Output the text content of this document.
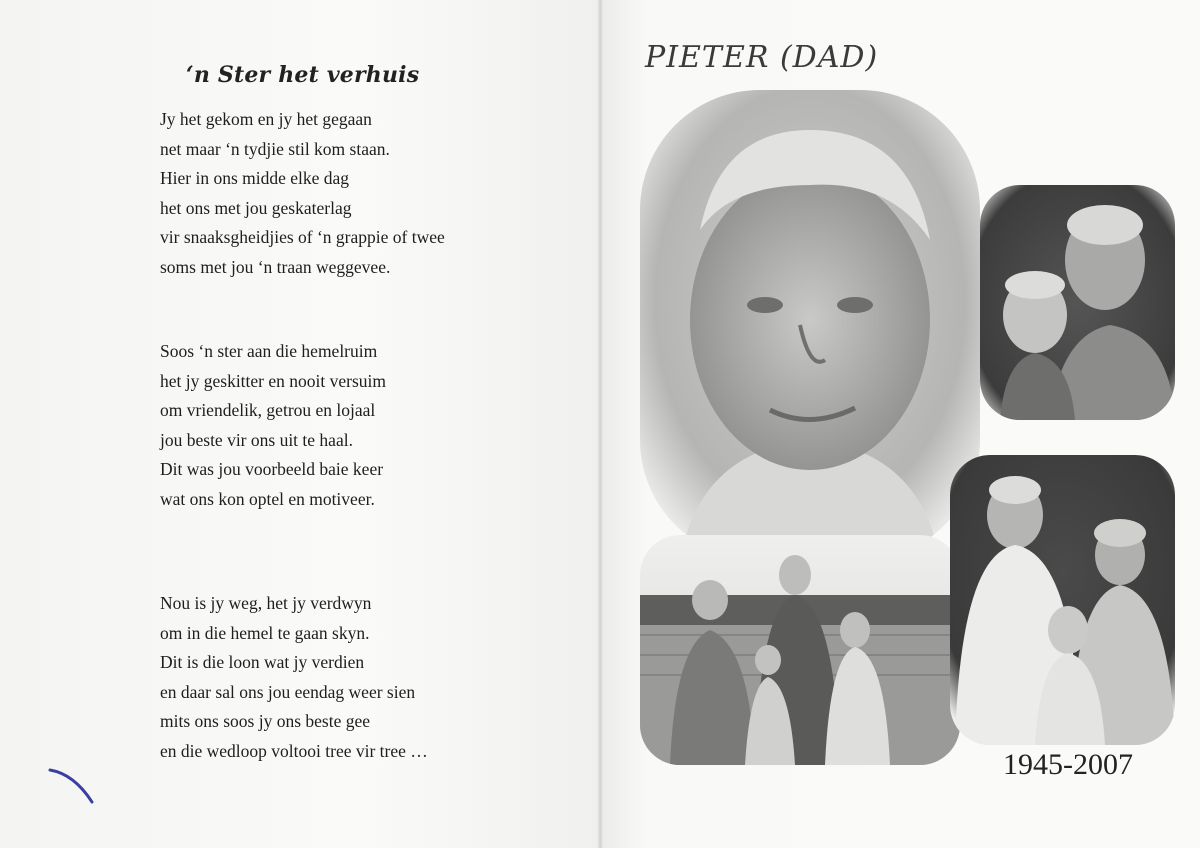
‘n Ster het verhuis
Jy het gekom en jy het gegaan
net maar ‘n tydjie stil kom staan.
Hier in ons midde elke dag
het ons met jou geskaterlag
vir snaaksgheidjies of ‘n grappie of twee
soms met jou ‘n traan weggevee.
Soos ‘n ster aan die hemelruim
het jy geskitter en nooit versuim
om vriendelik, getrou en lojaal
jou beste vir ons uit te haal.
Dit was jou voorbeeld baie keer
wat ons kon optel en motiveer.
Nou is jy weg, het jy verdwyn
om in die hemel te gaan skyn.
Dit is die loon wat jy verdien
en daar sal ons jou eendag weer sien
mits ons soos jy ons beste gee
en die wedloop voltooi tree vir tree …
PIETER (DAD)
1945-2007
